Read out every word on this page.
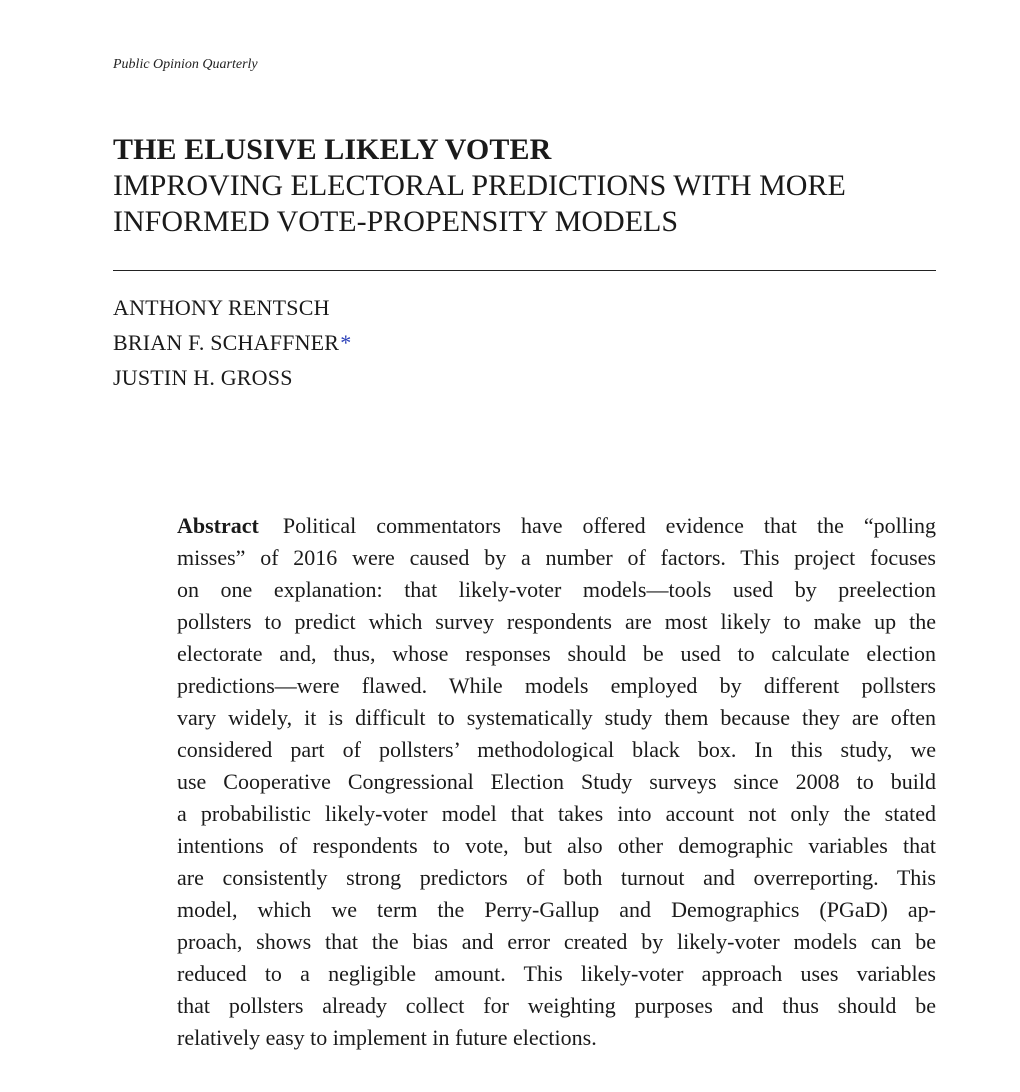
Public Opinion Quarterly
THE ELUSIVE LIKELY VOTER
IMPROVING ELECTORAL PREDICTIONS WITH MORE
INFORMED VOTE-PROPENSITY MODELS
ANTHONY RENTSCH
BRIAN F. SCHAFFNER*
JUSTIN H. GROSS
Abstract Political commentators have offered evidence that the “polling
misses” of 2016 were caused by a number of factors. This project focuses
on one explanation: that likely-voter models—tools used by preelection
pollsters to predict which survey respondents are most likely to make up the
electorate and, thus, whose responses should be used to calculate election
predictions—were flawed. While models employed by different pollsters
vary widely, it is difficult to systematically study them because they are often
considered part of pollsters’ methodological black box. In this study, we
use Cooperative Congressional Election Study surveys since 2008 to build
a probabilistic likely-voter model that takes into account not only the stated
intentions of respondents to vote, but also other demographic variables that
are consistently strong predictors of both turnout and overreporting. This
model, which we term the Perry-Gallup and Demographics (PGaD) ap-
proach, shows that the bias and error created by likely-voter models can be
reduced to a negligible amount. This likely-voter approach uses variables
that pollsters already collect for weighting purposes and thus should be
relatively easy to implement in future elections.
